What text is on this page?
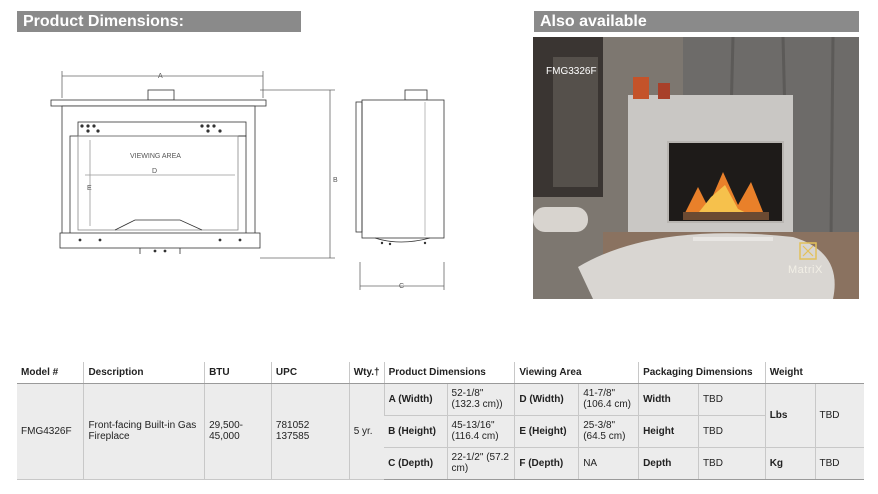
Product Dimensions:	Also available
A
B
D
E
VIEWING AREA
C
FMG3326F
MatriX
Model #	Description	BTU	UPC	Wty.†	Product Dimensions		Viewing Area		Packaging Dimensions		Weight	
FMG4326F	Front-facing Built-in Gas Fireplace	29,500-45,000	781052 137585	5 yr.	A (Width)	52-1/8" (132.3 cm))	D (Width)	41-7/8" (106.4 cm)	Width	TBD	Lbs	TBD
					B (Height)	45-13/16" (116.4 cm)	E (Height)	25-3/8" (64.5 cm)	Height	TBD		
					C (Depth)	22-1/2" (57.2 cm)	F (Depth)	NA	Depth	TBD	Kg	TBD
